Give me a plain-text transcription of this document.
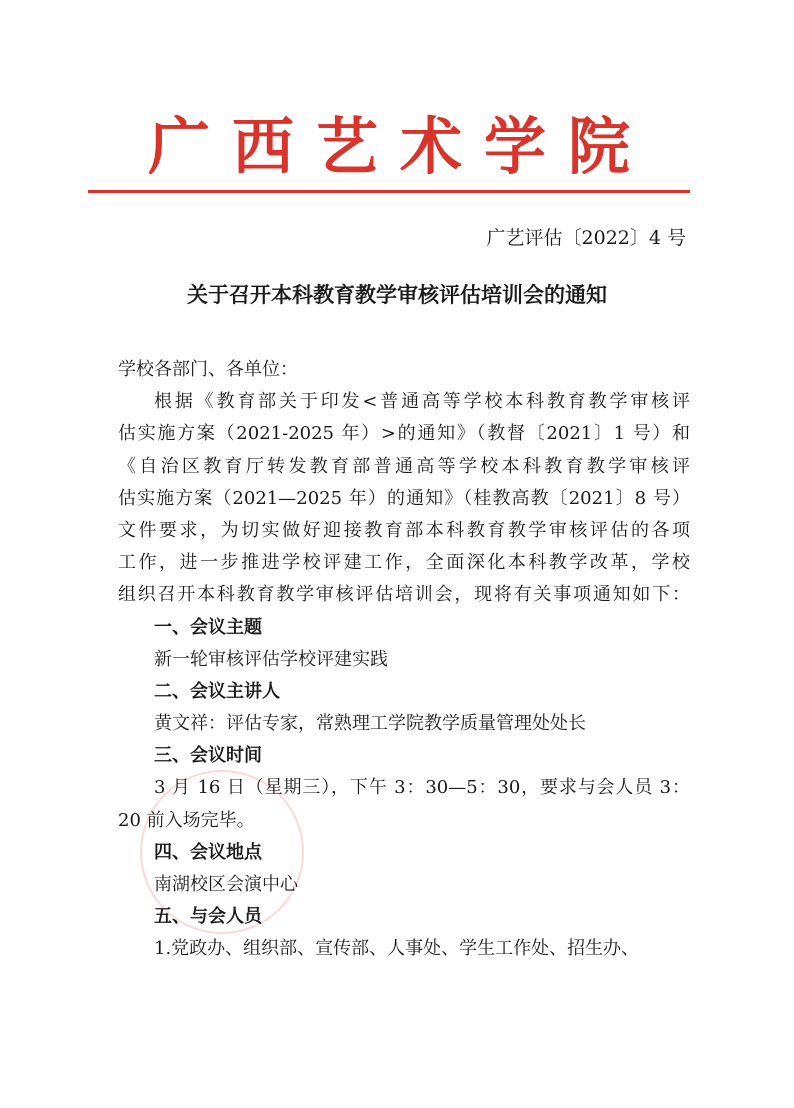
广西艺术学院
广艺评估〔2022〕4 号
关于召开本科教育教学审核评估培训会的通知
学校各部门、各单位：
根据《教育部关于印发<普通高等学校本科教育教学审核评
估实施方案（2021-2025 年）>的通知》（教督〔2021〕1 号）和
《自治区教育厅转发教育部普通高等学校本科教育教学审核评
估实施方案（2021—2025 年）的通知》（桂教高教〔2021〕8 号）
文件要求，为切实做好迎接教育部本科教育教学审核评估的各项
工作，进一步推进学校评建工作，全面深化本科教学改革，学校
组织召开本科教育教学审核评估培训会，现将有关事项通知如下：
一、会议主题
新一轮审核评估学校评建实践
二、会议主讲人
黄文祥：评估专家，常熟理工学院教学质量管理处处长
三、会议时间
3 月 16 日（星期三），下午 3：30—5：30，要求与会人员 3：
20 前入场完毕。
四、会议地点
南湖校区会演中心
五、与会人员
1.党政办、组织部、宣传部、人事处、学生工作处、招生办、
